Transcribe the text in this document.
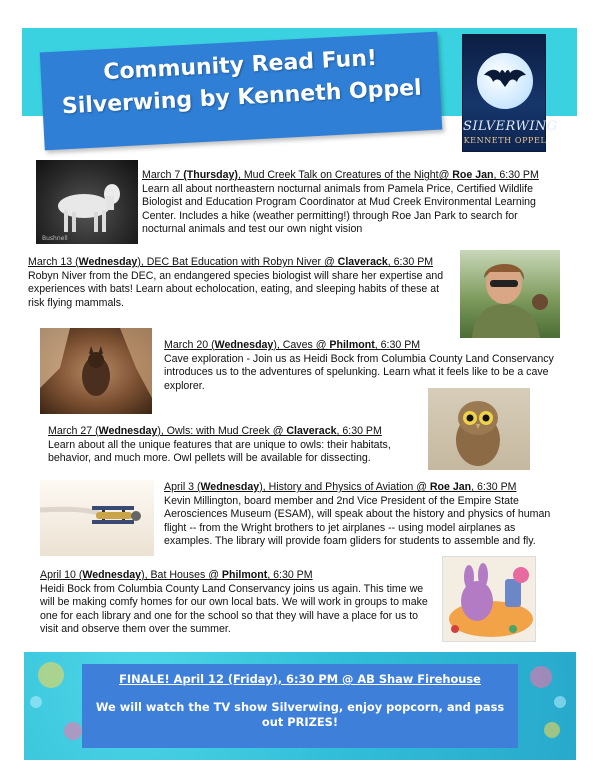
Community Read Fun!
Silverwing by Kenneth Oppel
SILVERWING
KENNETH OPPEL
Bushnell
March 7 (Thursday), Mud Creek Talk on Creatures of the Night@ Roe Jan, 6:30 PM
Learn all about northeastern nocturnal animals from Pamela Price, Certified Wildlife Biologist and Education Program Coordinator at Mud Creek Environmental Learning Center. Includes a hike (weather permitting!) through Roe Jan Park to search for nocturnal animals and test our own night vision
March 13 (Wednesday), DEC Bat Education with Robyn Niver @ Claverack, 6:30 PM
Robyn Niver from the DEC, an endangered species biologist will share her expertise and experiences with bats! Learn about echolocation, eating, and sleeping habits of these at risk flying mammals.
March 20 (Wednesday), Caves @ Philmont, 6:30 PM
Cave exploration - Join us as Heidi Bock from Columbia County Land Conservancy introduces us to the adventures of spelunking. Learn what it feels like to be a cave explorer.
March 27 (Wednesday), Owls: with Mud Creek @ Claverack, 6:30 PM
Learn about all the unique features that are unique to owls: their habitats, behavior, and much more. Owl pellets will be available for dissecting.
April 3 (Wednesday), History and Physics of Aviation @ Roe Jan, 6:30 PM
Kevin Millington, board member and 2nd Vice President of the Empire State Aerosciences Museum (ESAM), will speak about the history and physics of human flight -- from the Wright brothers to jet airplanes -- using model airplanes as examples. The library will provide foam gliders for students to assemble and fly.
April 10 (Wednesday), Bat Houses @ Philmont, 6:30 PM
Heidi Bock from Columbia County Land Conservancy joins us again. This time we will be making comfy homes for our own local bats. We will work in groups to make one for each library and one for the school so that they will have a place for us to visit and observe them over the summer.
FINALE! April 12 (Friday), 6:30 PM @ AB Shaw Firehouse
We will watch the TV show Silverwing, enjoy popcorn, and pass out PRIZES!
